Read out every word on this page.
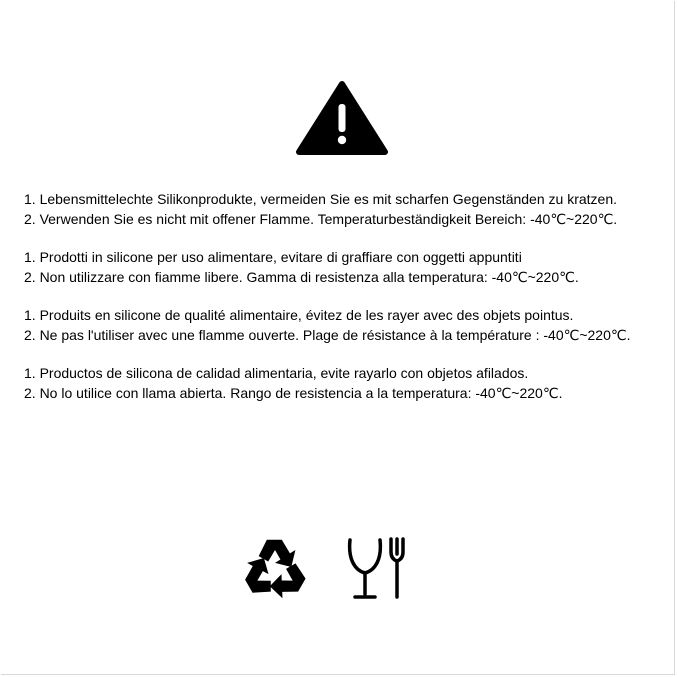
1. Lebensmittelechte Silikonprodukte, vermeiden Sie es mit scharfen Gegenständen zu kratzen.

2. Verwenden Sie es nicht mit offener Flamme. Temperaturbeständigkeit Bereich: -40℃~220℃.

1. Prodotti in silicone per uso alimentare, evitare di graffiare con oggetti appuntiti

2. Non utilizzare con fiamme libere. Gamma di resistenza alla temperatura: -40℃~220℃.

1. Produits en silicone de qualité alimentaire, évitez de les rayer avec des objets pointus.

2. Ne pas l'utiliser avec une flamme ouverte. Plage de résistance à la température : -40℃~220℃.

1. Productos de silicona de calidad alimentaria, evite rayarlo con objetos afilados.

2. No lo utilice con llama abierta. Rango de resistencia a la temperatura: -40℃~220℃.
